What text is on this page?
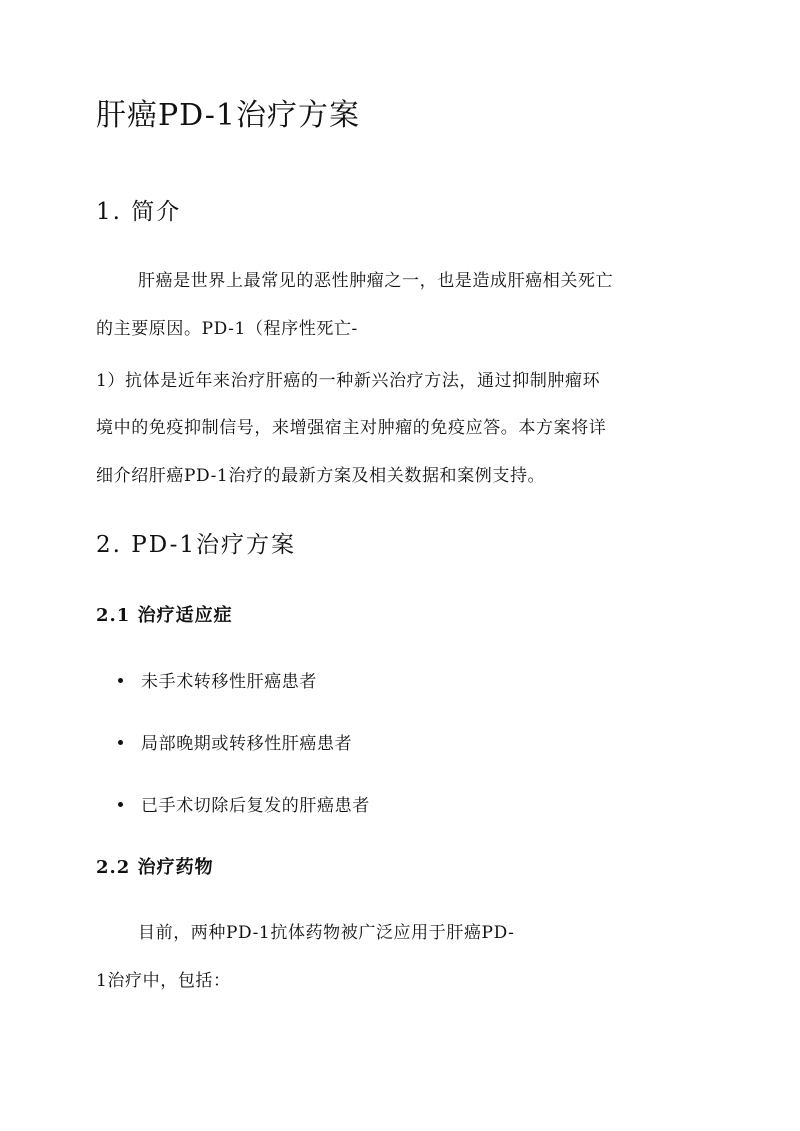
肝癌PD-1治疗方案
1. 简介
肝癌是世界上最常见的恶性肿瘤之一，也是造成肝癌相关死亡
的主要原因。PD-1（程序性死亡-
1）抗体是近年来治疗肝癌的一种新兴治疗方法，通过抑制肿瘤环
境中的免疫抑制信号，来增强宿主对肿瘤的免疫应答。本方案将详
细介绍肝癌PD-1治疗的最新方案及相关数据和案例支持。
2. PD-1治疗方案
2.1 治疗适应症
未手术转移性肝癌患者
局部晚期或转移性肝癌患者
已手术切除后复发的肝癌患者
2.2 治疗药物
目前，两种PD-1抗体药物被广泛应用于肝癌PD-
1治疗中，包括：
